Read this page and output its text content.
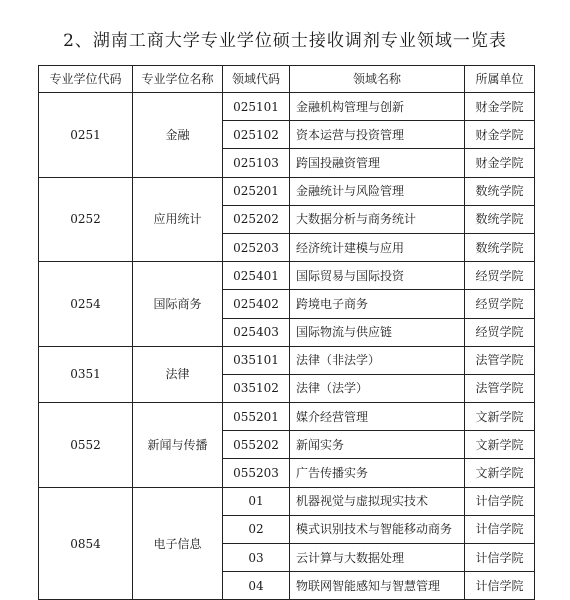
2、湖南工商大学专业学位硕士接收调剂专业领域一览表
专业学位代码	专业学位名称	领域代码	领域名称	所属单位
0251	金融	025101	金融机构管理与创新	财金学院
		025102	资本运营与投资管理	财金学院
		025103	跨国投融资管理	财金学院
0252	应用统计	025201	金融统计与风险管理	数统学院
		025202	大数据分析与商务统计	数统学院
		025203	经济统计建模与应用	数统学院
0254	国际商务	025401	国际贸易与国际投资	经贸学院
		025402	跨境电子商务	经贸学院
		025403	国际物流与供应链	经贸学院
0351	法律	035101	法律（非法学）	法管学院
		035102	法律（法学）	法管学院
0552	新闻与传播	055201	媒介经营管理	文新学院
		055202	新闻实务	文新学院
		055203	广告传播实务	文新学院
0854	电子信息	01	机器视觉与虚拟现实技术	计信学院
		02	模式识别技术与智能移动商务	计信学院
		03	云计算与大数据处理	计信学院
		04	物联网智能感知与智慧管理	计信学院
